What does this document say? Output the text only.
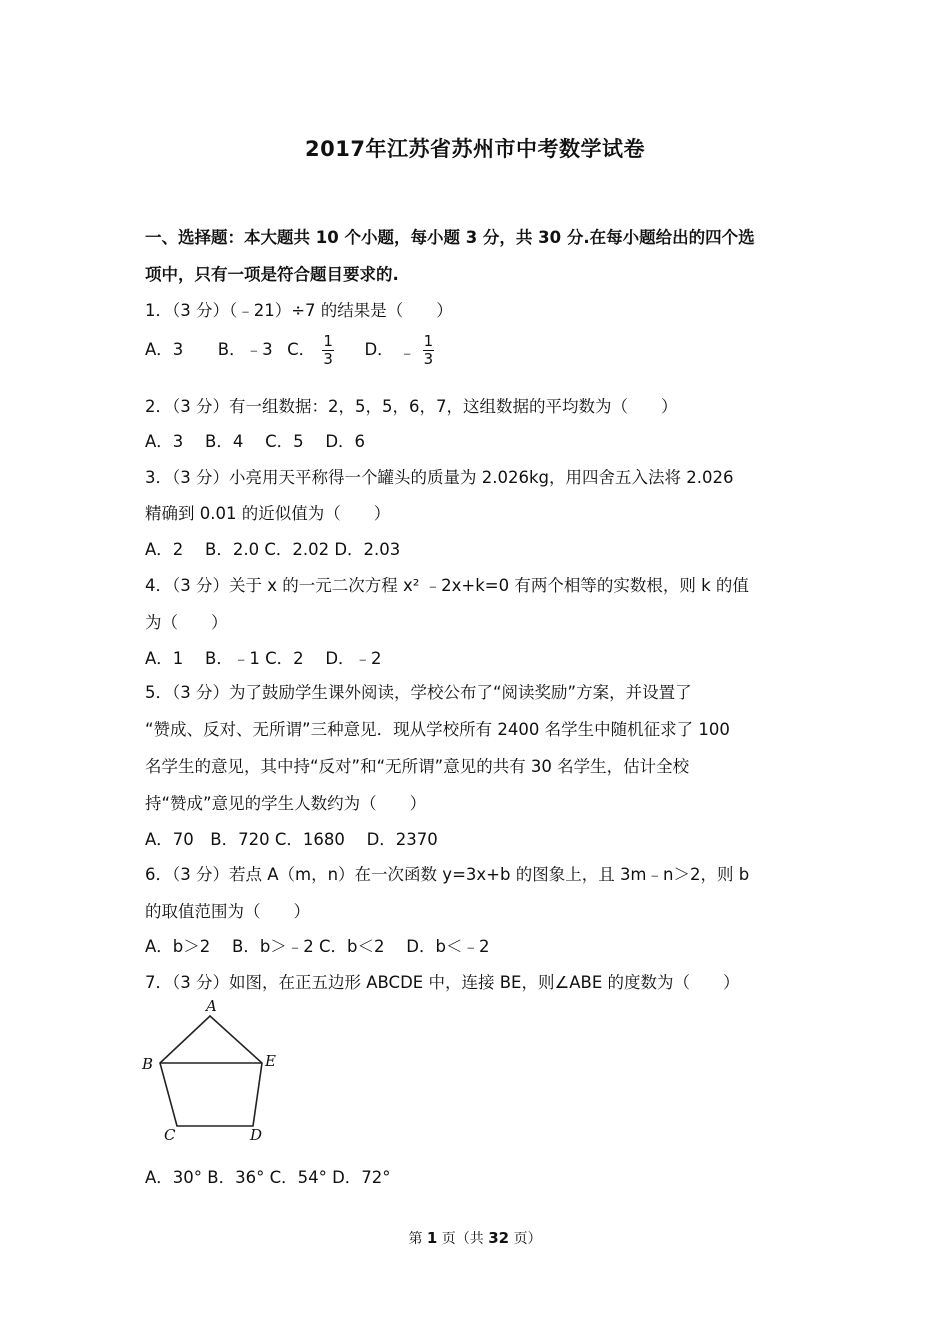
2017年江苏省苏州市中考数学试卷
一、选择题：本大题共 10 个小题，每小题 3 分，共 30 分.在每小题给出的四个选
项中，只有一项是符合题目要求的.
1．（3 分）（﹣21）÷7 的结果是（　　）
A．3 B．﹣3 C． $\frac{1}{3}$ D． ﹣ $\frac{1}{3}$
2．（3 分）有一组数据：2，5，5，6，7，这组数据的平均数为（　　）
A．3　 B．4　 C．5　 D．6
3．（3 分）小亮用天平称得一个罐头的质量为 2.026kg，用四舍五入法将 2.026
精确到 0.01 的近似值为（　　）
A．2　 B．2.0 C．2.02 D．2.03
4．（3 分）关于 x 的一元二次方程 x² ﹣2x+k=0 有两个相等的实数根，则 k 的值
为（　　）
A．1　 B．﹣1 C．2　 D．﹣2
5．（3 分）为了鼓励学生课外阅读，学校公布了“阅读奖励”方案，并设置了
“赞成、反对、无所谓”三种意见．现从学校所有 2400 名学生中随机征求了 100
名学生的意见，其中持“反对”和“无所谓”意见的共有 30 名学生，估计全校
持“赞成”意见的学生人数约为（　　）
A．70　B．720 C．1680　 D．2370
6．（3 分）若点 A（m，n）在一次函数 y=3x+b 的图象上，且 3m﹣n＞2，则 b
的取值范围为（　　）
A．b＞2　 B．b＞﹣2 C．b＜2　 D．b＜﹣2
7．（3 分）如图，在正五边形 ABCDE 中，连接 BE，则∠ABE 的度数为（　　）
A
B
C	D
E
A．30° B．36° C．54° D．72°
第 1 页（共 32 页）
